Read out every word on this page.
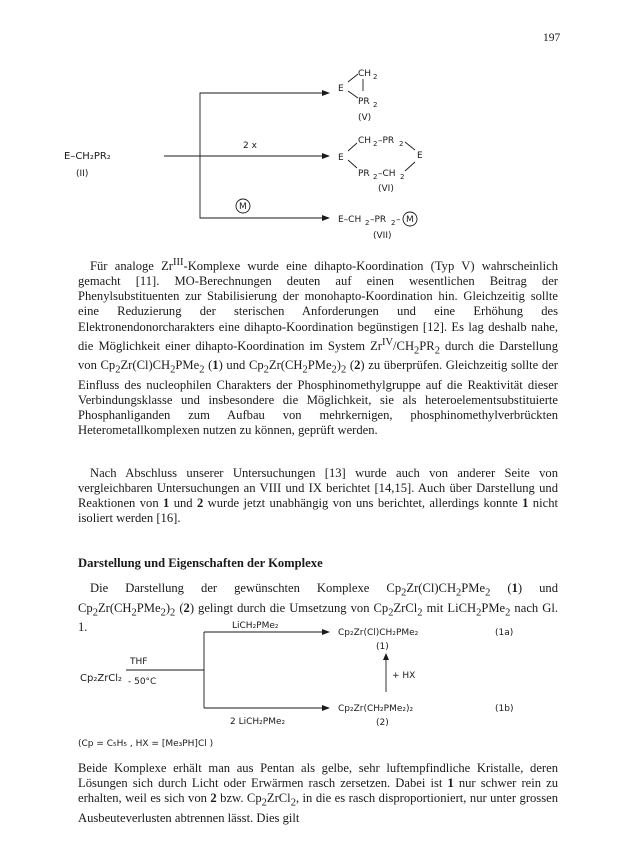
197
E–CH₂PR₂
(II)
2 x
M
CH 2
E
PR 2
(V)
E
CH 2 –PR 2
E
PR 2 –CH 2
(VI)
E–CH 2 –PR 2 – M
(VII)

Für analoge $Zr^{III}$-Komplexe wurde eine dihapto-Koordination (Typ V) wahrscheinlich gemacht [11]. MO-Berechnungen deuten auf einen wesentlichen Beitrag der Phenylsubstituenten zur Stabilisierung der monohapto-Koordination hin. Gleichzeitig sollte eine Reduzierung der sterischen Anforderungen und eine Erhöhung des Elektronendonorcharakters eine dihapto-Koordination begünstigen [12]. Es lag deshalb nahe, die Möglichkeit einer dihapto-Koordination im System $Zr^{IV}/CH_2PR_2$ durch die Darstellung von $Cp_2Zr(Cl)CH_2PMe_2$ (1) und $Cp_2Zr(CH_2PMe_2)_2$ (2) zu überprüfen. Gleichzeitig sollte der Einfluss des nucleophilen Charakters der Phosphinomethylgruppe auf die Reaktivität dieser Verbindungsklasse und insbesondere die Möglichkeit, sie als heteroelementsubstituierte Phosphanliganden zum Aufbau von mehrkernigen, phosphinomethylverbrückten Heterometallkomplexen nutzen zu können, geprüft werden.

Nach Abschluss unserer Untersuchungen [13] wurde auch von anderer Seite von vergleichbaren Untersuchungen an VIII und IX berichtet [14,15]. Auch über Darstellung und Reaktionen von 1 und 2 wurde jetzt unabhängig von uns berichtet, allerdings konnte 1 nicht isoliert werden [16].

Darstellung und Eigenschaften der Komplexe

Die Darstellung der gewünschten Komplexe $Cp_2Zr(Cl)CH_2PMe_2$ (1) und $Cp_2Zr(CH_2PMe_2)_2$ (2) gelingt durch die Umsetzung von $Cp_2ZrCl_2$ mit LiCH$_2$PMe$_2$ nach Gl. 1.

Cp₂ZrCl₂
THF
- 50°C
LiCH₂PMe₂
2 LiCH₂PMe₂
Cp₂Zr(Cl)CH₂PMe₂
(1)
(1a)
+ HX
Cp₂Zr(CH₂PMe₂)₂
(2)
(1b)
(Cp = C₅H₅ , HX = [Me₃PH]Cl )

Beide Komplexe erhält man aus Pentan als gelbe, sehr luftempfindliche Kristalle, deren Lösungen sich durch Licht oder Erwärmen rasch zersetzen. Dabei ist 1 nur schwer rein zu erhalten, weil es sich von 2 bzw. $Cp_2ZrCl_2$, in die es rasch disproportioniert, nur unter grossen Ausbeuteverlusten abtrennen lässt. Dies gilt
